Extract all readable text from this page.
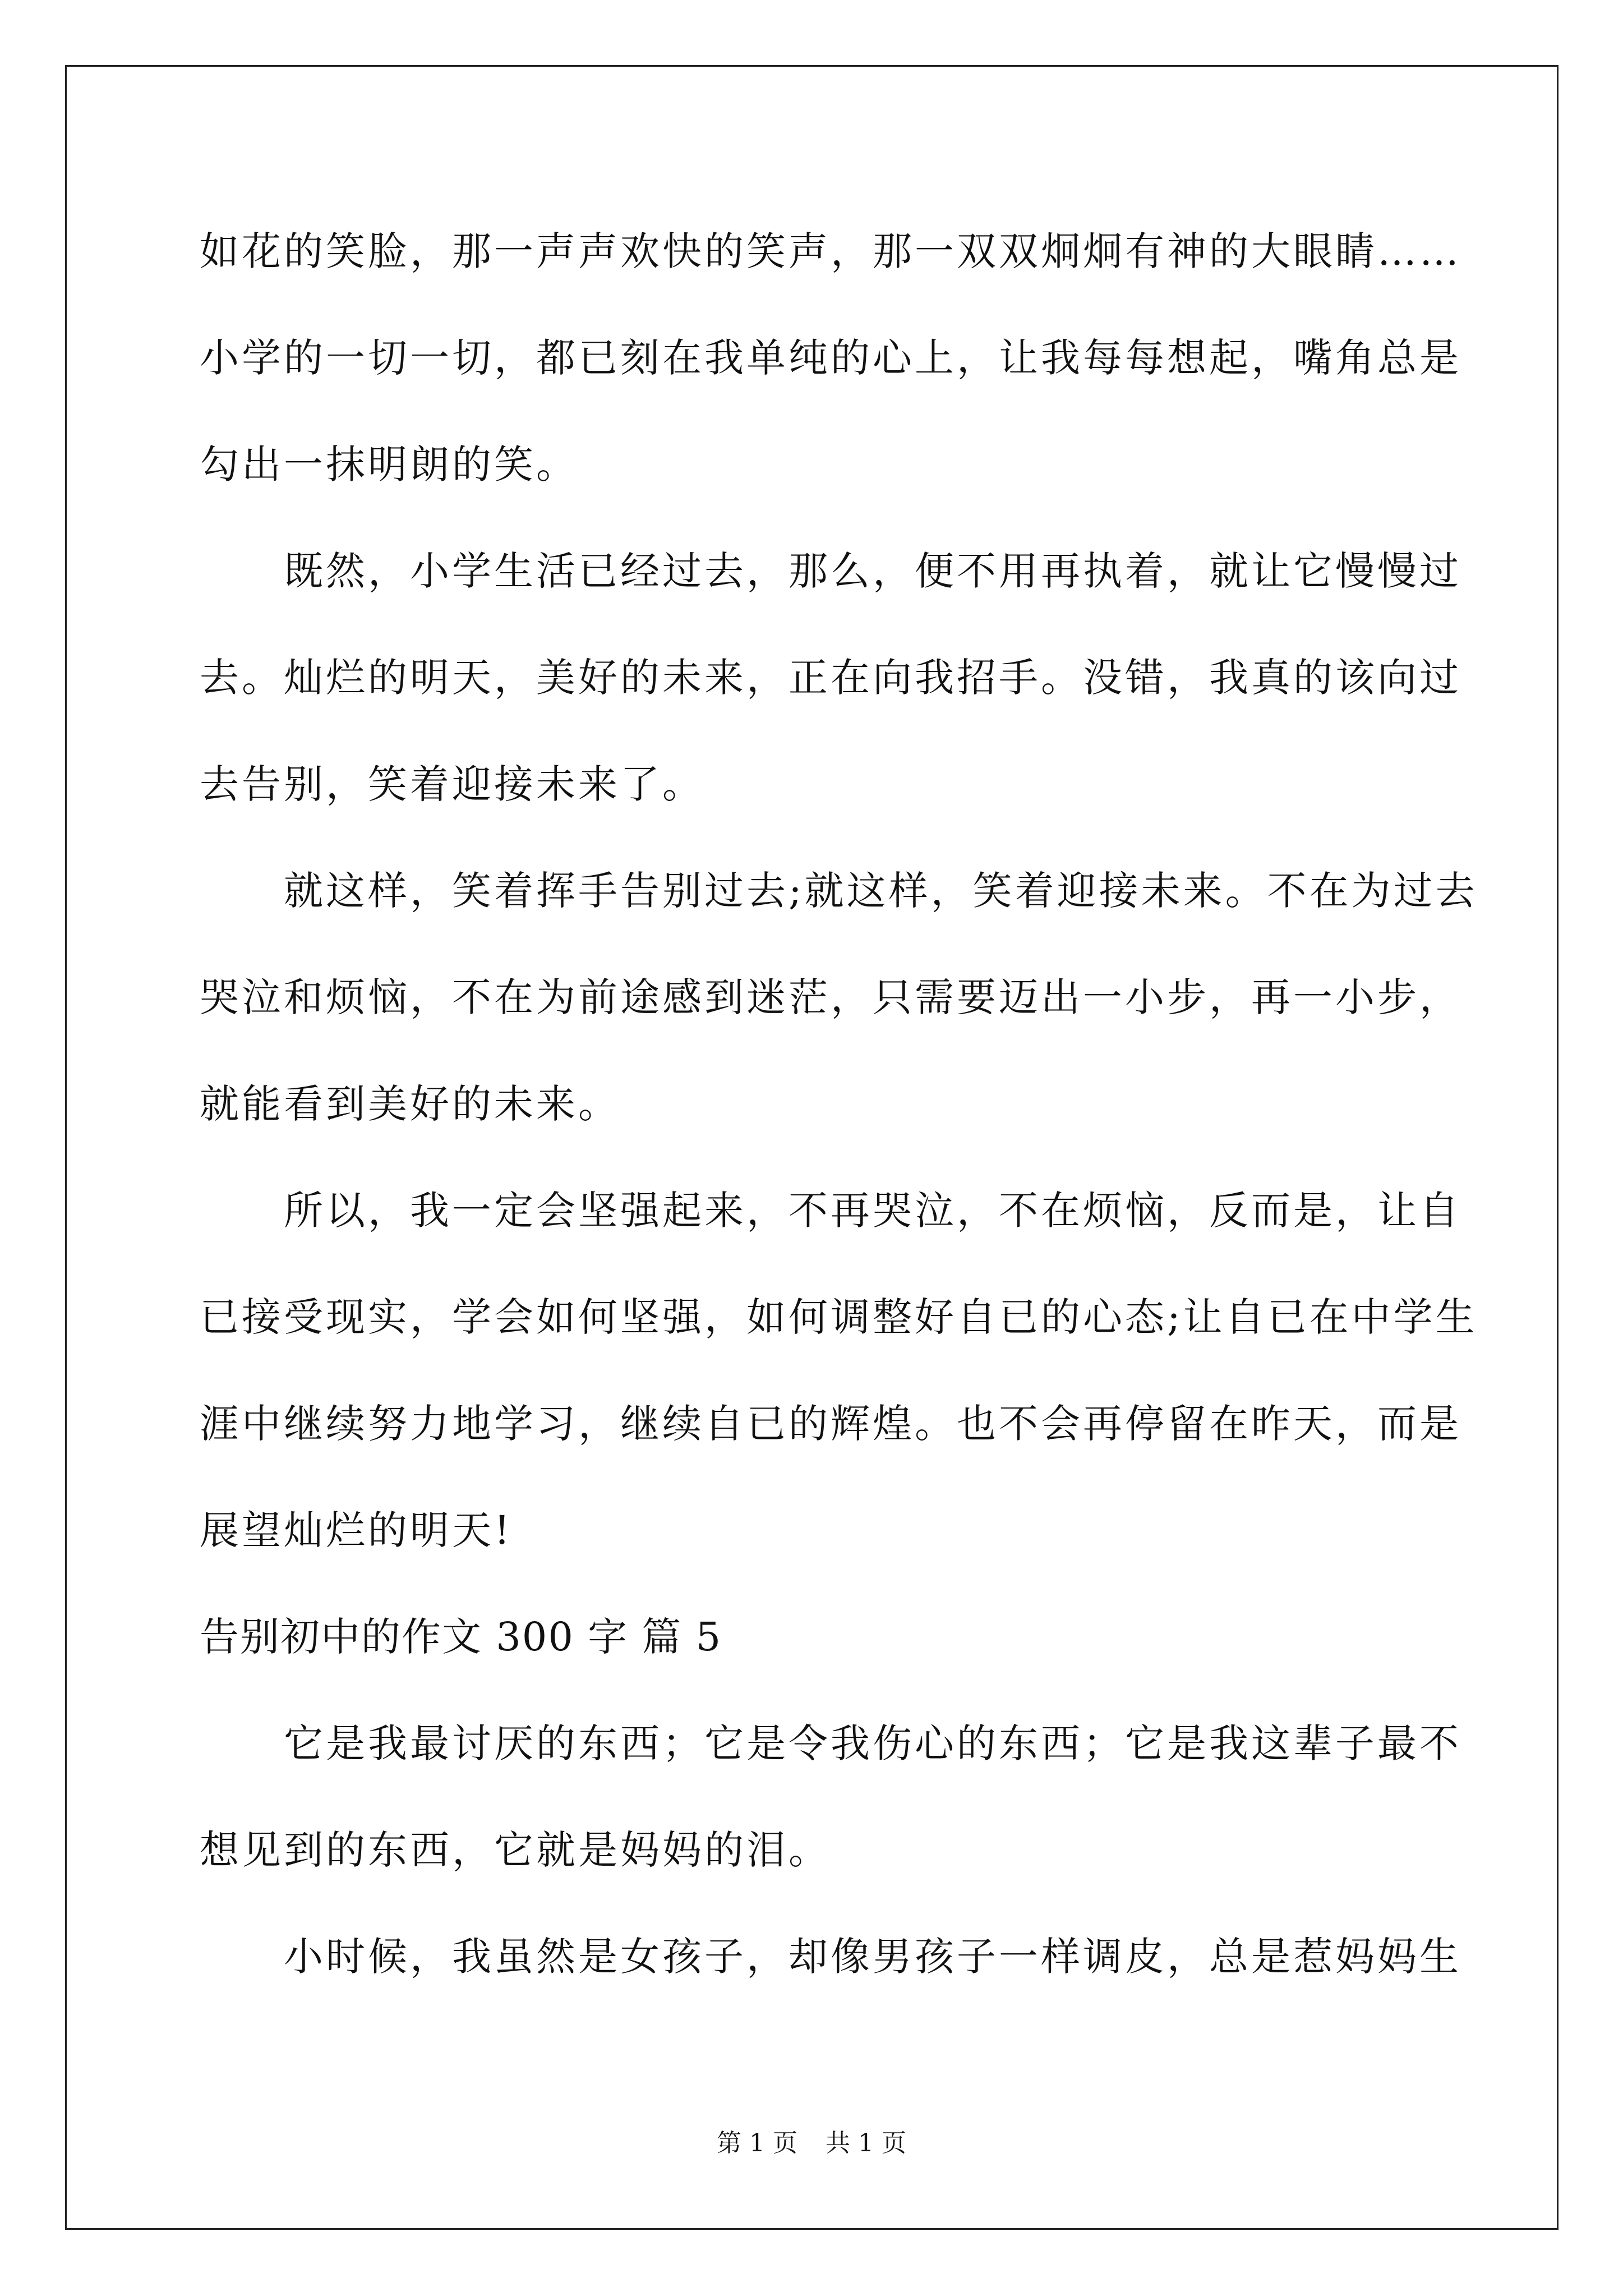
如花的笑脸，那一声声欢快的笑声，那一双双炯炯有神的大眼睛……
小学的一切一切，都已刻在我单纯的心上，让我每每想起，嘴角总是
勾出一抹明朗的笑。
既然，小学生活已经过去，那么，便不用再执着，就让它慢慢过
去。灿烂的明天，美好的未来，正在向我招手。没错，我真的该向过
去告别，笑着迎接未来了。
就这样，笑着挥手告别过去;就这样，笑着迎接未来。不在为过去
哭泣和烦恼，不在为前途感到迷茫，只需要迈出一小步，再一小步，
就能看到美好的未来。
所以，我一定会坚强起来，不再哭泣，不在烦恼，反而是，让自
已接受现实，学会如何坚强，如何调整好自已的心态;让自已在中学生
涯中继续努力地学习，继续自已的辉煌。也不会再停留在昨天，而是
展望灿烂的明天!
告别初中的作文 300 字 篇 5
它是我最讨厌的东西；它是令我伤心的东西；它是我这辈子最不
想见到的东西，它就是妈妈的泪。
小时候，我虽然是女孩子，却像男孩子一样调皮，总是惹妈妈生
第 1 页 共 1 页
